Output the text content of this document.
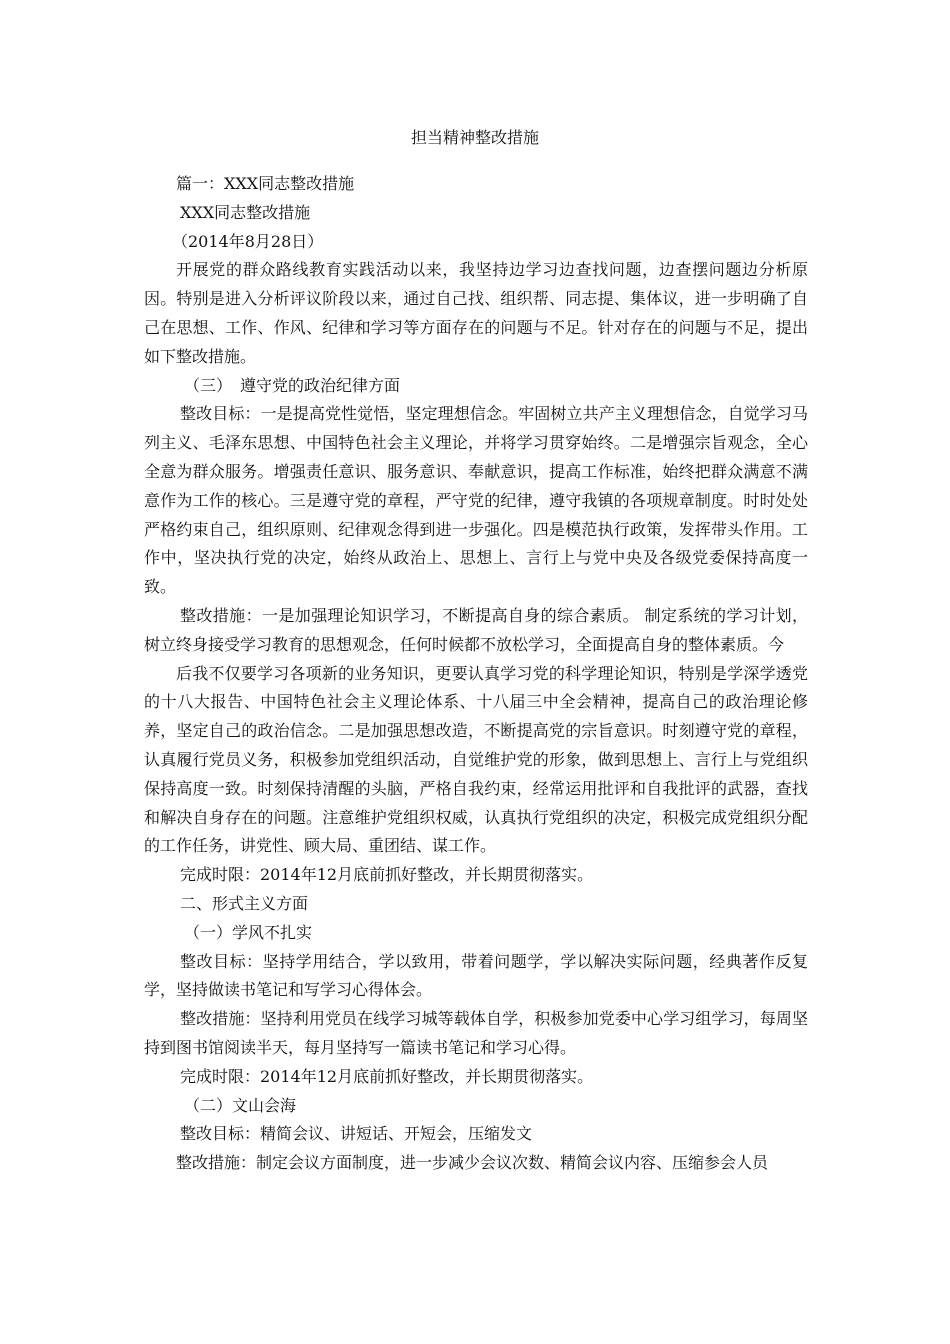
担当精神整改措施

篇一：XXX同志整改措施

XXX同志整改措施

（2014年8月28日）

开展党的群众路线教育实践活动以来，我坚持边学习边查找问题，边查摆问题边分析原因。特别是进入分析评议阶段以来，通过自己找、组织帮、同志提、集体议，进一步明确了自己在思想、工作、作风、纪律和学习等方面存在的问题与不足。针对存在的问题与不足，提出如下整改措施。

（三）　遵守党的政治纪律方面

整改目标：一是提高党性觉悟，坚定理想信念。牢固树立共产主义理想信念，自觉学习马列主义、毛泽东思想、中国特色社会主义理论，并将学习贯穿始终。二是增强宗旨观念，全心全意为群众服务。增强责任意识、服务意识、奉献意识，提高工作标准，始终把群众满意不满意作为工作的核心。三是遵守党的章程，严守党的纪律，遵守我镇的各项规章制度。时时处处严格约束自己，组织原则、纪律观念得到进一步强化。四是模范执行政策，发挥带头作用。工作中，坚决执行党的决定，始终从政治上、思想上、言行上与党中央及各级党委保持高度一致。

整改措施：一是加强理论知识学习，不断提高自身的综合素质。 制定系统的学习计划，树立终身接受学习教育的思想观念，任何时候都不放松学习，全面提高自身的整体素质。今

后我不仅要学习各项新的业务知识，更要认真学习党的科学理论知识，特别是学深学透党的十八大报告、中国特色社会主义理论体系、十八届三中全会精神，提高自己的政治理论修养，坚定自己的政治信念。二是加强思想改造，不断提高党的宗旨意识。时刻遵守党的章程，认真履行党员义务，积极参加党组织活动，自觉维护党的形象，做到思想上、言行上与党组织保持高度一致。时刻保持清醒的头脑，严格自我约束，经常运用批评和自我批评的武器，查找和解决自身存在的问题。注意维护党组织权威，认真执行党组织的决定，积极完成党组织分配的工作任务，讲党性、顾大局、重团结、谋工作。

完成时限：2014年12月底前抓好整改，并长期贯彻落实。

二、形式主义方面

（一）学风不扎实

整改目标：坚持学用结合，学以致用，带着问题学，学以解决实际问题，经典著作反复学，坚持做读书笔记和写学习心得体会。

整改措施：坚持利用党员在线学习城等载体自学，积极参加党委中心学习组学习，每周坚持到图书馆阅读半天，每月坚持写一篇读书笔记和学习心得。

完成时限：2014年12月底前抓好整改，并长期贯彻落实。

（二）文山会海

整改目标：精简会议、讲短话、开短会，压缩发文

整改措施：制定会议方面制度，进一步减少会议次数、精简会议内容、压缩参会人员
